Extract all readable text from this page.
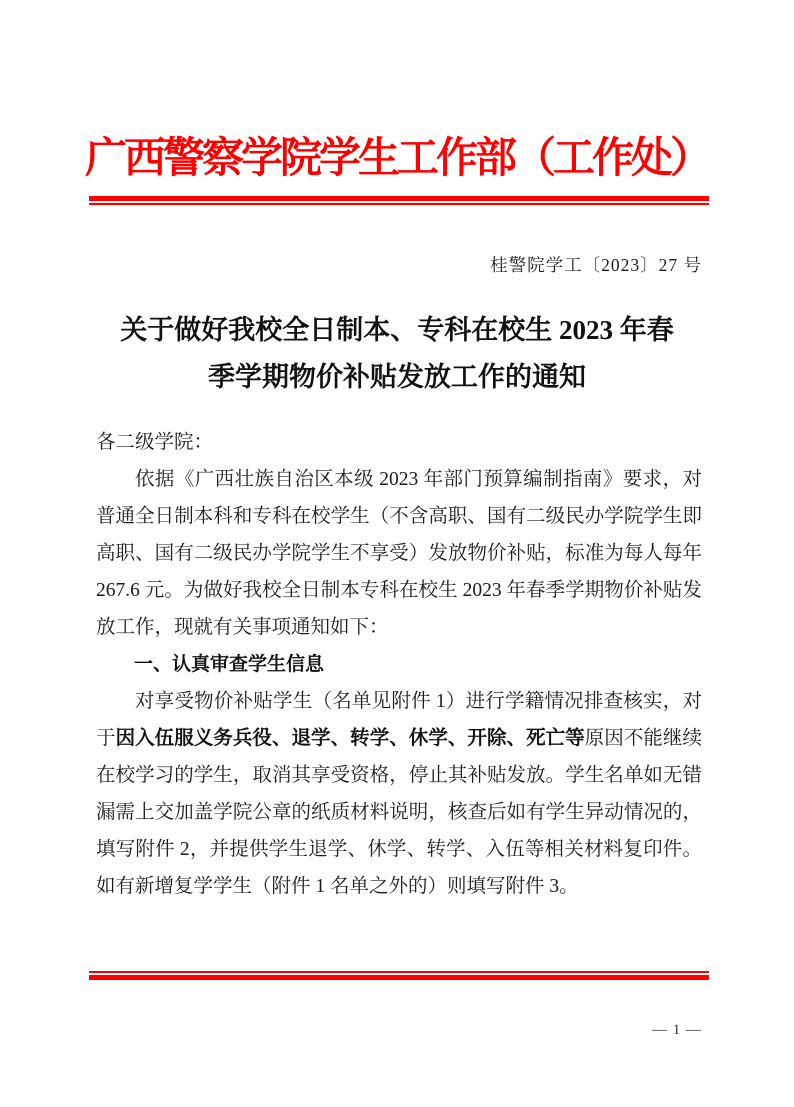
广西警察学院学生工作部（工作处）
桂警院学工〔2023〕27 号
关于做好我校全日制本、专科在校生 2023 年春
季学期物价补贴发放工作的通知

各二级学院：

依据《广西壮族自治区本级 2023 年部门预算编制指南》要求，对普通全日制本科和专科在校学生（不含高职、国有二级民办学院学生即高职、国有二级民办学院学生不享受）发放物价补贴，标准为每人每年 267.6 元。为做好我校全日制本专科在校生 2023 年春季学期物价补贴发放工作，现就有关事项通知如下：

一、认真审查学生信息

对享受物价补贴学生（名单见附件 1）进行学籍情况排查核实，对于因入伍服义务兵役、退学、转学、休学、开除、死亡等原因不能继续在校学习的学生，取消其享受资格，停止其补贴发放。学生名单如无错漏需上交加盖学院公章的纸质材料说明，核查后如有学生异动情况的，填写附件 2，并提供学生退学、休学、转学、入伍等相关材料复印件。如有新增复学学生（附件 1 名单之外的）则填写附件 3。

— 1 —
